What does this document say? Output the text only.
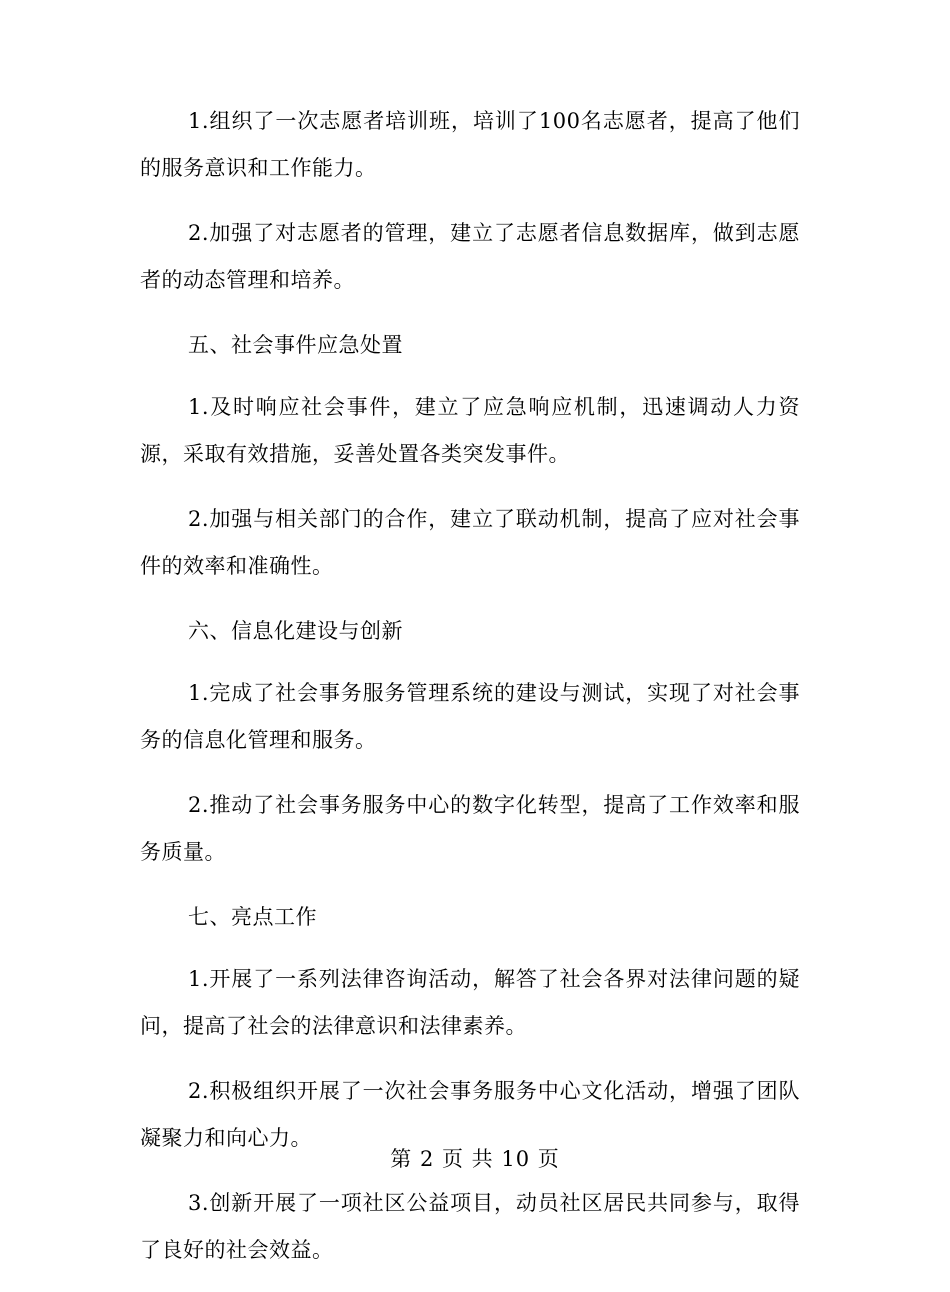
1.组织了一次志愿者培训班，培训了100名志愿者，提高了他们的服务意识和工作能力。

2.加强了对志愿者的管理，建立了志愿者信息数据库，做到志愿者的动态管理和培养。

五、社会事件应急处置

1.及时响应社会事件，建立了应急响应机制，迅速调动人力资源，采取有效措施，妥善处置各类突发事件。

2.加强与相关部门的合作，建立了联动机制，提高了应对社会事件的效率和准确性。

六、信息化建设与创新

1.完成了社会事务服务管理系统的建设与测试，实现了对社会事务的信息化管理和服务。

2.推动了社会事务服务中心的数字化转型，提高了工作效率和服务质量。

七、亮点工作

1.开展了一系列法律咨询活动，解答了社会各界对法律问题的疑问，提高了社会的法律意识和法律素养。

2.积极组织开展了一次社会事务服务中心文化活动，增强了团队凝聚力和向心力。

3.创新开展了一项社区公益项目，动员社区居民共同参与，取得了良好的社会效益。

第 2 页 共 10 页
